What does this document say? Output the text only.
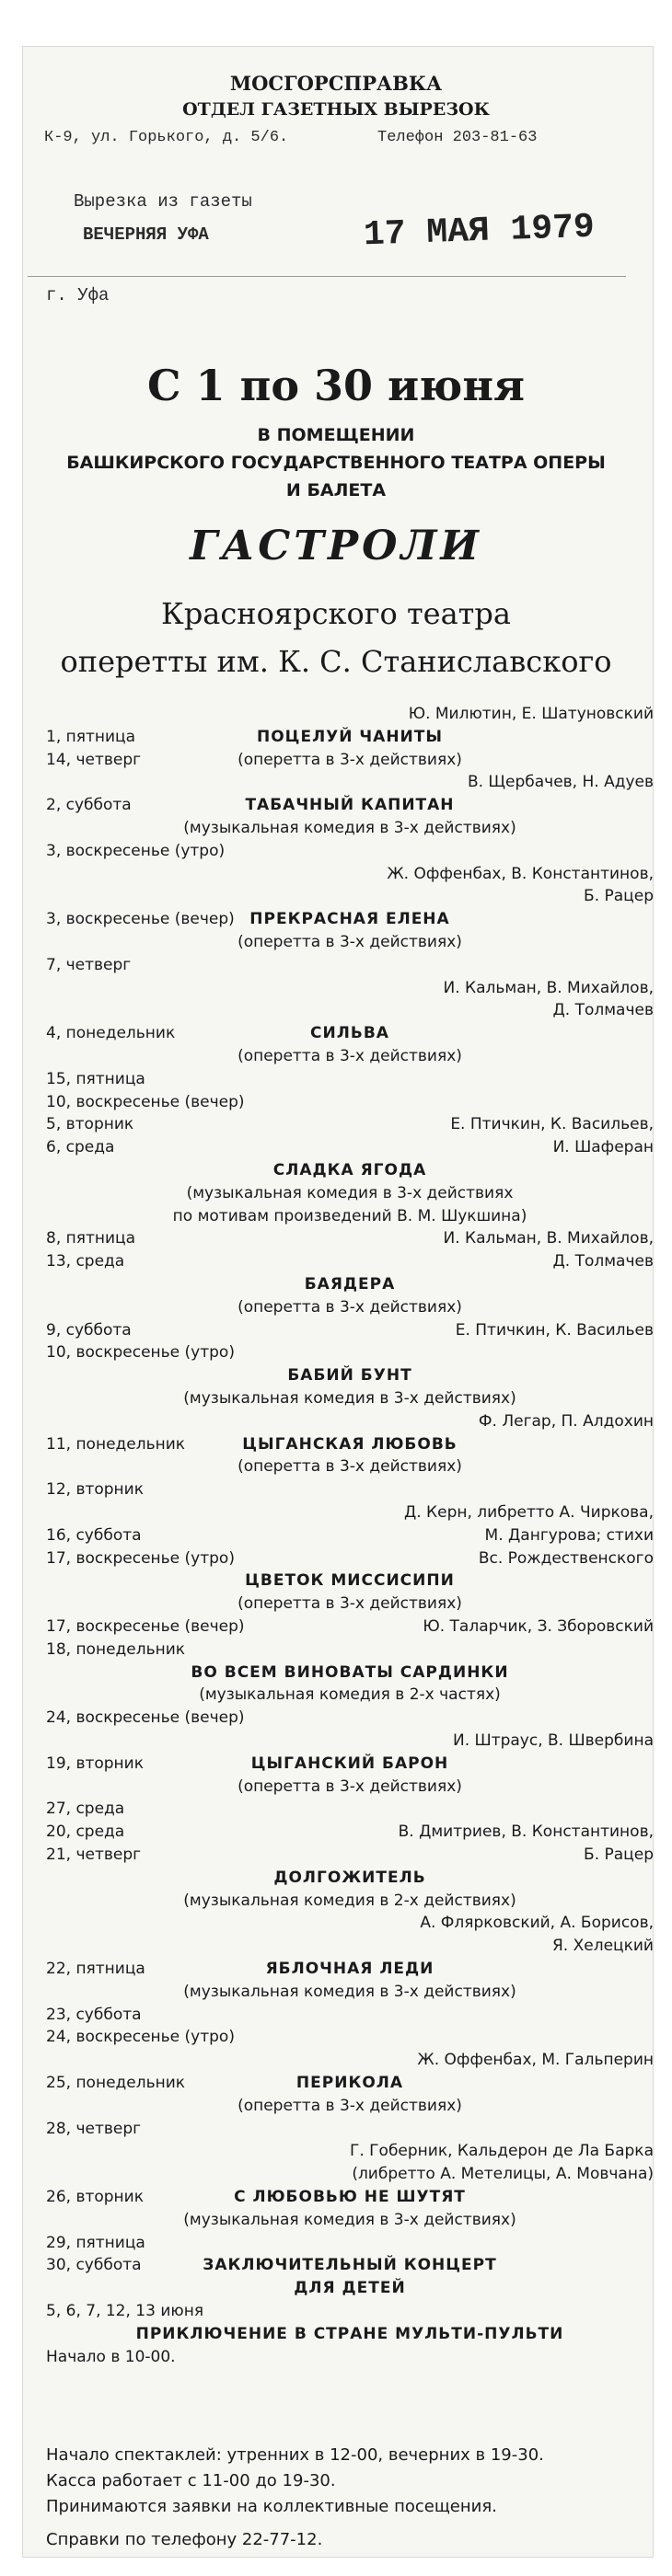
МОСГОРСПРАВКА
ОТДЕЛ ГАЗЕТНЫХ ВЫРЕЗОК
К-9, ул. Горького, д. 5/6.	Телефон 203-81-63
Вырезка из газеты
ВЕЧЕРНЯЯ УФА	17 МАЯ 1979
г. Уфа
С 1 по 30 июня
В ПОМЕЩЕНИИ
БАШКИРСКОГО ГОСУДАРСТВЕННОГО ТЕАТРА ОПЕРЫ
И БАЛЕТА
ГАСТРОЛИ
Красноярского театра
оперетты им. К. С. Станиславского
Ю. Милютин, Е. Шатуновский
1, пятница	ПОЦЕЛУЙ ЧАНИТЫ
14, четверг	(оперетта в 3-х действиях)
В. Щербачев, Н. Адуев
2, суббота	ТАБАЧНЫЙ КАПИТАН
(музыкальная комедия в 3-х действиях)
3, воскресенье (утро)
Ж. Оффенбах, В. Константинов,
Б. Рацер
3, воскресенье (вечер) ПРЕКРАСНАЯ ЕЛЕНА
(оперетта в 3-х действиях)
7, четверг
И. Кальман, В. Михайлов,
Д. Толмачев
4, понедельник	СИЛЬВА
(оперетта в 3-х действиях)
15, пятница
10, воскресенье (вечер)
5, вторник	Е. Птичкин, К. Васильев,
6, среда	И. Шаферан
СЛАДКА ЯГОДА
(музыкальная комедия в 3-х действиях
по мотивам произведений В. М. Шукшина)
8, пятница	И. Кальман, В. Михайлов,
13, среда	Д. Толмачев
БАЯДЕРА
(оперетта в 3-х действиях)
9, суббота	Е. Птичкин, К. Васильев
10, воскресенье (утро)
БАБИЙ БУНТ
(музыкальная комедия в 3-х действиях)
Ф. Легар, П. Алдохин
11, понедельник	ЦЫГАНСКАЯ ЛЮБОВЬ
(оперетта в 3-х действиях)
12, вторник
Д. Керн, либретто А. Чиркова,
16, суббота	М. Дангурова; стихи
17, воскресенье (утро)	Вс. Рождественского
ЦВЕТОК МИССИСИПИ
(оперетта в 3-х действиях)
17, воскресенье (вечер)	Ю. Таларчик, З. Зборовский
18, понедельник
ВО ВСЕМ ВИНОВАТЫ САРДИНКИ
(музыкальная комедия в 2-х частях)
24, воскресенье (вечер)
И. Штраус, В. Швербина
19, вторник	ЦЫГАНСКИЙ БАРОН
(оперетта в 3-х действиях)
27, среда
20, среда	В. Дмитриев, В. Константинов,
21, четверг	Б. Рацер
ДОЛГОЖИТЕЛЬ
(музыкальная комедия в 2-х действиях)
А. Флярковский, А. Борисов,
Я. Хелецкий
22, пятница	ЯБЛОЧНАЯ ЛЕДИ
(музыкальная комедия в 3-х действиях)
23, суббота
24, воскресенье (утро)
Ж. Оффенбах, М. Гальперин
25, понедельник	ПЕРИКОЛА
(оперетта в 3-х действиях)
28, четверг
Г. Гоберник, Кальдерон де Ла Барка
(либретто А. Метелицы, А. Мовчана)
26, вторник	С ЛЮБОВЬЮ НЕ ШУТЯТ
(музыкальная комедия в 3-х действиях)
29, пятница
30, суббота	ЗАКЛЮЧИТЕЛЬНЫЙ КОНЦЕРТ
ДЛЯ ДЕТЕЙ
5, 6, 7, 12, 13 июня
ПРИКЛЮЧЕНИЕ В СТРАНЕ МУЛЬТИ-ПУЛЬТИ
Начало в 10-00.
Начало спектаклей: утренних в 12-00, вечерних в 19-30.
Касса работает с 11-00 до 19-30.
Принимаются заявки на коллективные посещения.
Справки по телефону 22-77-12.
